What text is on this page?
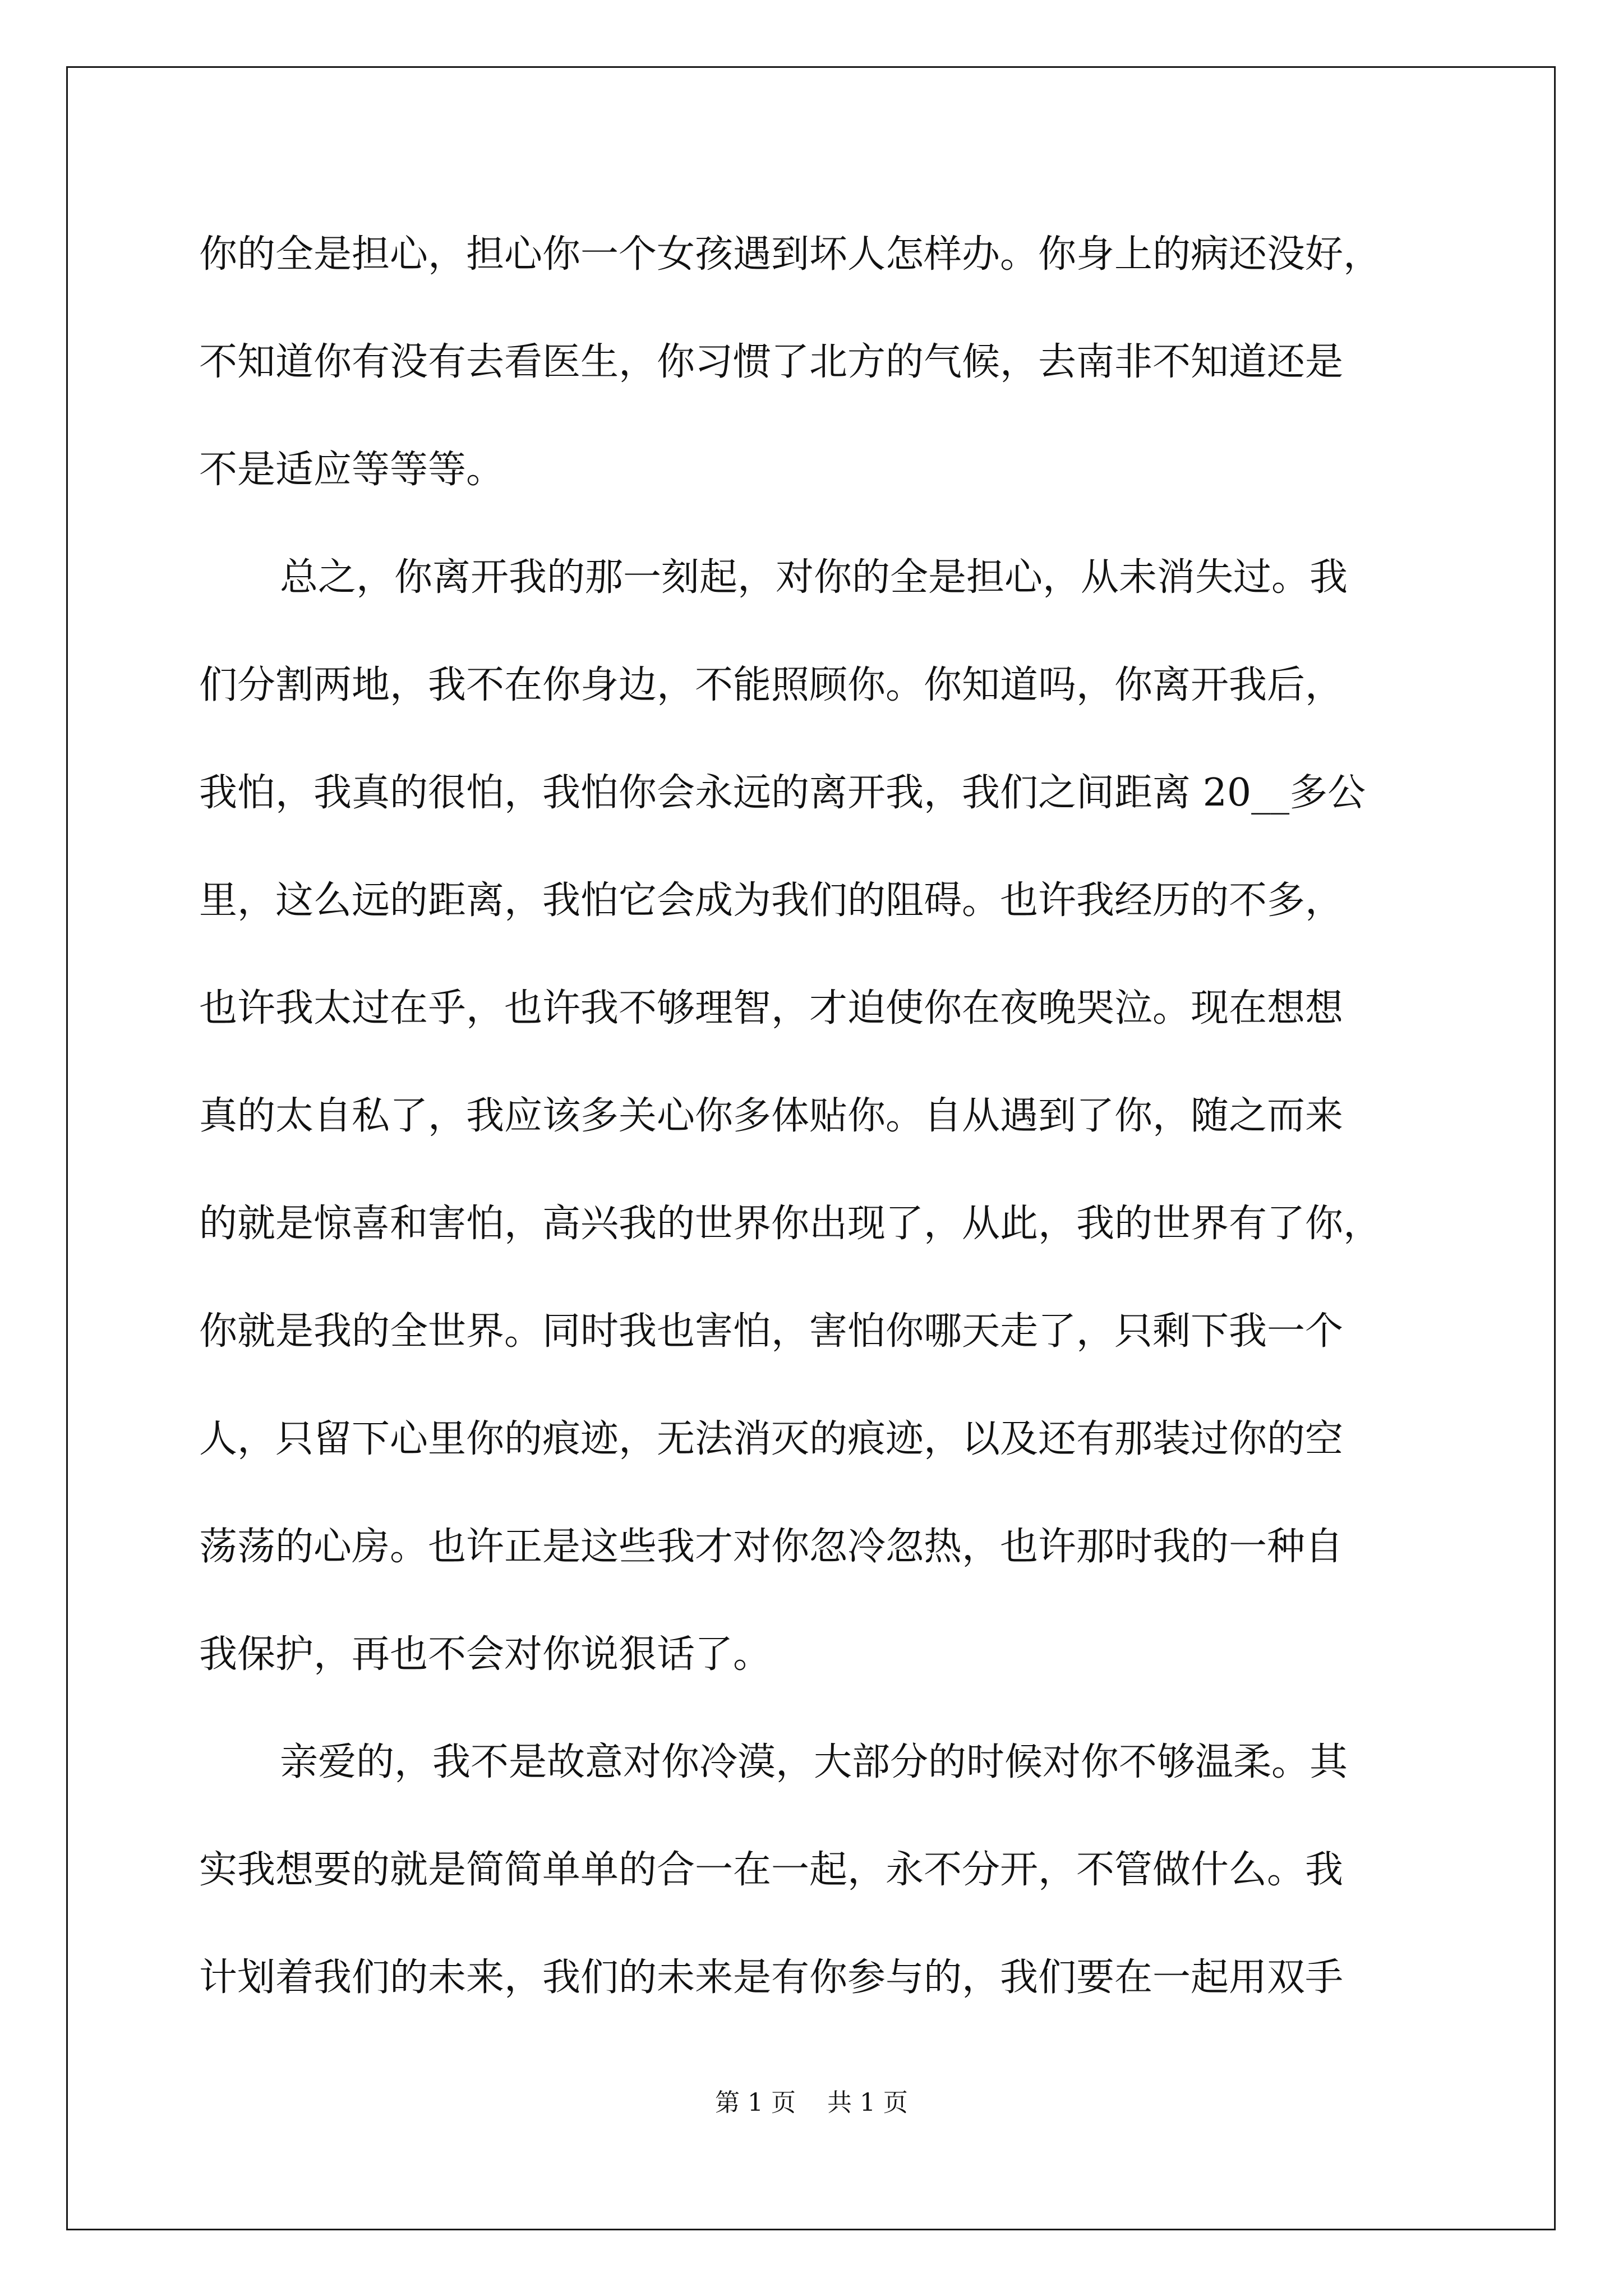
你的全是担心，担心你一个女孩遇到坏人怎样办。你身上的病还没好，
不知道你有没有去看医生，你习惯了北方的气候，去南非不知道还是
不是适应等等等。
总之，你离开我的那一刻起，对你的全是担心，从未消失过。我
们分割两地，我不在你身边，不能照顾你。你知道吗，你离开我后，
我怕，我真的很怕，我怕你会永远的离开我，我们之间距离 20__多公
里，这么远的距离，我怕它会成为我们的阻碍。也许我经历的不多，
也许我太过在乎，也许我不够理智，才迫使你在夜晚哭泣。现在想想
真的太自私了，我应该多关心你多体贴你。自从遇到了你，随之而来
的就是惊喜和害怕，高兴我的世界你出现了，从此，我的世界有了你，
你就是我的全世界。同时我也害怕，害怕你哪天走了，只剩下我一个
人，只留下心里你的痕迹，无法消灭的痕迹，以及还有那装过你的空
荡荡的心房。也许正是这些我才对你忽冷忽热，也许那时我的一种自
我保护，再也不会对你说狠话了。
亲爱的，我不是故意对你冷漠，大部分的时候对你不够温柔。其
实我想要的就是简简单单的合一在一起，永不分开，不管做什么。我
计划着我们的未来，我们的未来是有你参与的，我们要在一起用双手
第 1 页    共 1 页
